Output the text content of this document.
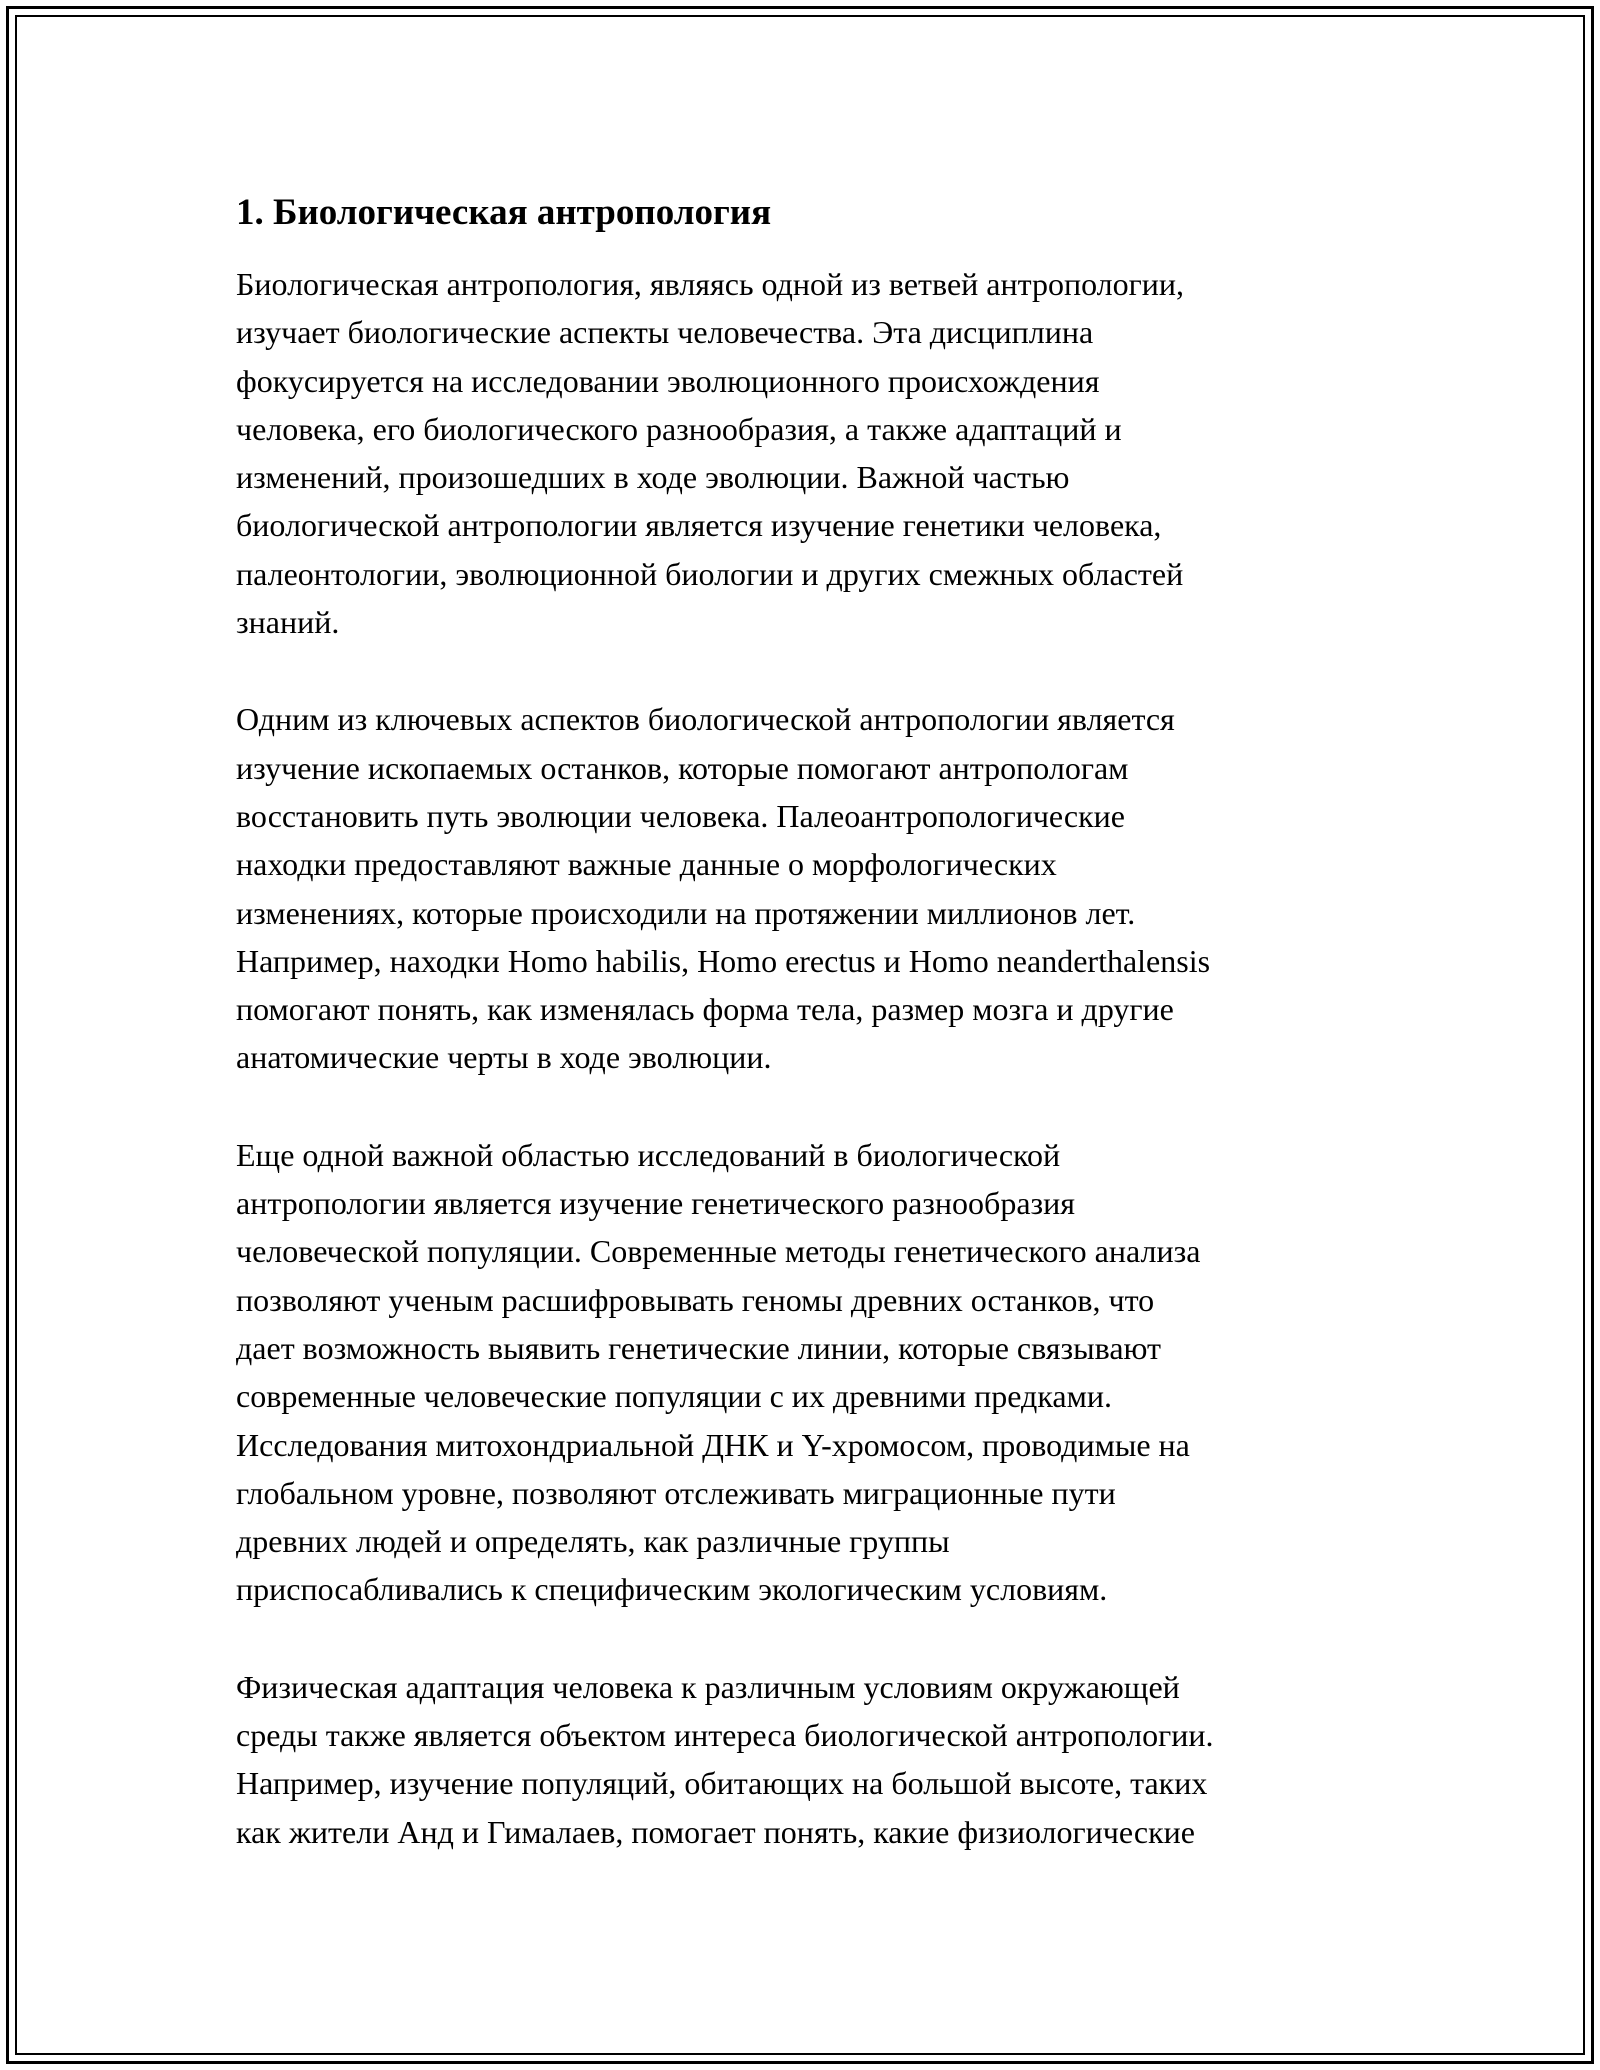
1. Биологическая антропология

Биологическая антропология, являясь одной из ветвей антропологии,
изучает биологические аспекты человечества. Эта дисциплина
фокусируется на исследовании эволюционного происхождения
человека, его биологического разнообразия, а также адаптаций и
изменений, произошедших в ходе эволюции. Важной частью
биологической антропологии является изучение генетики человека,
палеонтологии, эволюционной биологии и других смежных областей
знаний.

Одним из ключевых аспектов биологической антропологии является
изучение ископаемых останков, которые помогают антропологам
восстановить путь эволюции человека. Палеоантропологические
находки предоставляют важные данные о морфологических
изменениях, которые происходили на протяжении миллионов лет.
Например, находки Homo habilis, Homo erectus и Homo neanderthalensis
помогают понять, как изменялась форма тела, размер мозга и другие
анатомические черты в ходе эволюции.

Еще одной важной областью исследований в биологической
антропологии является изучение генетического разнообразия
человеческой популяции. Современные методы генетического анализа
позволяют ученым расшифровывать геномы древних останков, что
дает возможность выявить генетические линии, которые связывают
современные человеческие популяции с их древними предками.
Исследования митохондриальной ДНК и Y-хромосом, проводимые на
глобальном уровне, позволяют отслеживать миграционные пути
древних людей и определять, как различные группы
приспосабливались к специфическим экологическим условиям.

Физическая адаптация человека к различным условиям окружающей
среды также является объектом интереса биологической антропологии.
Например, изучение популяций, обитающих на большой высоте, таких
как жители Анд и Гималаев, помогает понять, какие физиологические
